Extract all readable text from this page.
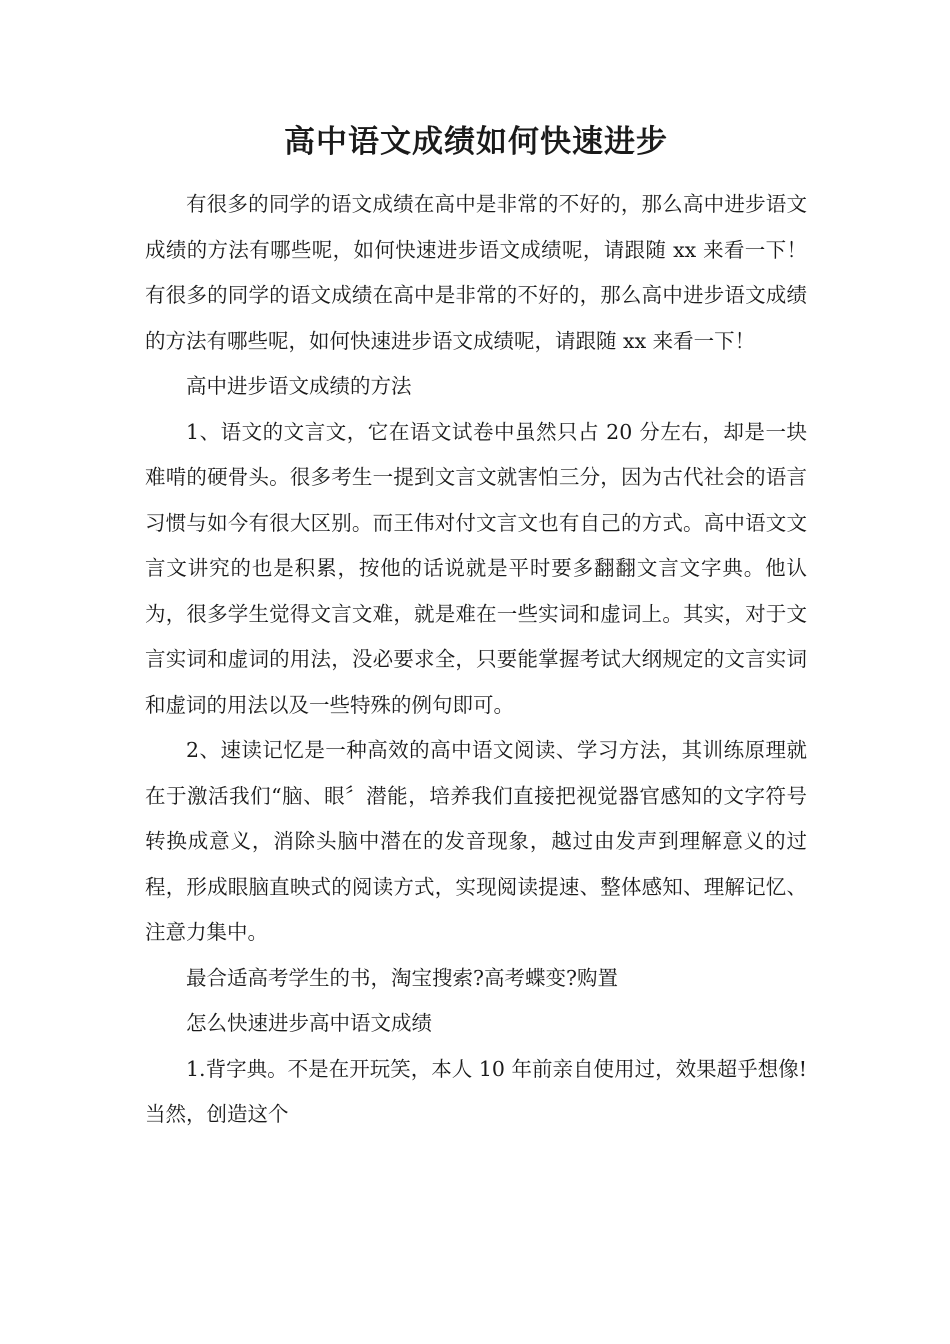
高中语文成绩如何快速进步

有很多的同学的语文成绩在高中是非常的不好的，那么高中进步语文成绩的方法有哪些呢，如何快速进步语文成绩呢，请跟随 xx 来看一下！有很多的同学的语文成绩在高中是非常的不好的，那么高中进步语文成绩的方法有哪些呢，如何快速进步语文成绩呢，请跟随 xx 来看一下！

高中进步语文成绩的方法

1、语文的文言文，它在语文试卷中虽然只占 20 分左右，却是一块难啃的硬骨头。很多考生一提到文言文就害怕三分，因为古代社会的语言习惯与如今有很大区别。而王伟对付文言文也有自己的方式。高中语文文言文讲究的也是积累，按他的话说就是平时要多翻翻文言文字典。他认为，很多学生觉得文言文难，就是难在一些实词和虚词上。其实，对于文言实词和虚词的用法，没必要求全，只要能掌握考试大纲规定的文言实词和虚词的用法以及一些特殊的例句即可。

2、速读记忆是一种高效的高中语文阅读、学习方法，其训练原理就在于激活我们“脑、眼〞潜能，培养我们直接把视觉器官感知的文字符号转换成意义，消除头脑中潜在的发音现象，越过由发声到理解意义的过程，形成眼脑直映式的阅读方式，实现阅读提速、整体感知、理解记忆、注意力集中。

最合适高考学生的书，淘宝搜索?高考蝶变?购置

怎么快速进步高中语文成绩

1.背字典。不是在开玩笑，本人 10 年前亲自使用过，效果超乎想像!当然，创造这个
